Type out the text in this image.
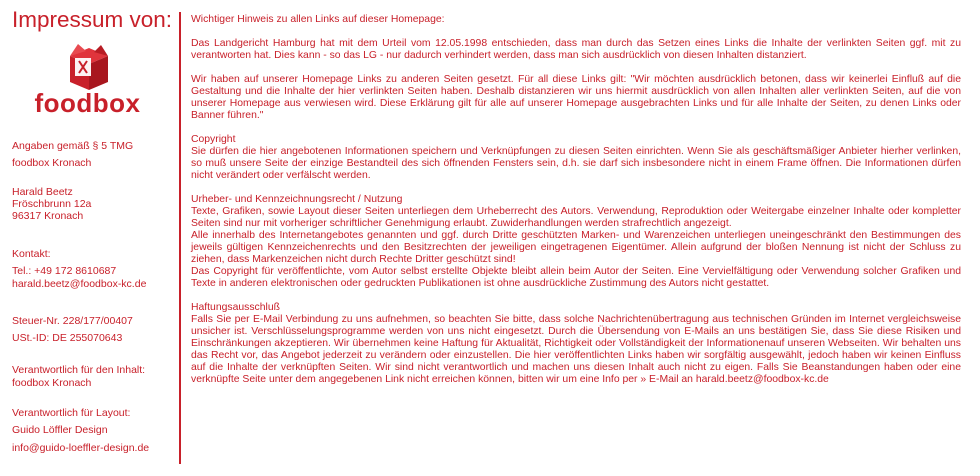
Impressum von:
foodbox
Angaben gemäß § 5 TMG
foodbox Kronach
Harald Beetz
Fröschbrunn 12a
96317 Kronach
Kontakt:
Tel.: +49 172 8610687
harald.beetz@foodbox-kc.de
Steuer-Nr. 228/177/00407
USt.-ID: DE 255070643
Verantwortlich für den Inhalt:
foodbox Kronach
Verantwortlich für Layout:
Guido Löffler Design
info@guido-loeffler-design.de

Wichtiger Hinweis zu allen Links auf dieser Homepage:

Das Landgericht Hamburg hat mit dem Urteil vom 12.05.1998 entschieden, dass man durch das Setzen eines Links die Inhalte der verlinkten Seiten ggf. mit zu verantworten hat. Dies kann - so das LG - nur dadurch verhindert werden, dass man sich ausdrücklich von diesen Inhalten distanziert.

Wir haben auf unserer Homepage Links zu anderen Seiten gesetzt. Für all diese Links gilt: "Wir möchten ausdrücklich betonen, dass wir keinerlei Einfluß auf die Gestaltung und die Inhalte der hier verlinkten Seiten haben. Deshalb distanzieren wir uns hiermit ausdrücklich von allen Inhalten aller verlinkten Seiten, auf die von unserer Homepage aus verwiesen wird. Diese Erklärung gilt für alle auf unserer Homepage ausgebrachten Links und für alle Inhalte der Seiten, zu denen Links oder Banner führen."

Copyright

Sie dürfen die hier angebotenen Informationen speichern und Verknüpfungen zu diesen Seiten einrichten. Wenn Sie als geschäftsmäßiger Anbieter hierher verlinken, so muß unsere Seite der einzige Bestandteil des sich öffnenden Fensters sein, d.h. sie darf sich insbesondere nicht in einem Frame öffnen. Die Informationen dürfen nicht verändert oder verfälscht werden.

Urheber- und Kennzeichnungsrecht / Nutzung

Texte, Grafiken, sowie Layout dieser Seiten unterliegen dem Urheberrecht des Autors. Verwendung, Reproduktion oder Weitergabe einzelner Inhalte oder kompletter Seiten sind nur mit vorheriger schriftlicher Genehmigung erlaubt. Zuwiderhandlungen werden strafrechtlich angezeigt.

Alle innerhalb des Internetangebotes genannten und ggf. durch Dritte geschützten Marken- und Warenzeichen unterliegen uneingeschränkt den Bestimmungen des jeweils gültigen Kennzeichenrechts und den Besitzrechten der jeweiligen eingetragenen Eigentümer. Allein aufgrund der bloßen Nennung ist nicht der Schluss zu ziehen, dass Markenzeichen nicht durch Rechte Dritter geschützt sind!

Das Copyright für veröffentlichte, vom Autor selbst erstellte Objekte bleibt allein beim Autor der Seiten. Eine Vervielfältigung oder Verwendung solcher Grafiken und Texte in anderen elektronischen oder gedruckten Publikationen ist ohne ausdrückliche Zustimmung des Autors nicht gestattet.

Haftungsausschluß

Falls Sie per E-Mail Verbindung zu uns aufnehmen, so beachten Sie bitte, dass solche Nachrichtenübertragung aus technischen Gründen im Internet vergleichsweise unsicher ist. Verschlüsselungsprogramme werden von uns nicht eingesetzt. Durch die Übersendung von E-Mails an uns bestätigen Sie, dass Sie diese Risiken und Einschränkungen akzeptieren. Wir übernehmen keine Haftung für Aktualität, Richtigkeit oder Vollständigkeit der Informationenauf unseren Webseiten. Wir behalten uns das Recht vor, das Angebot jederzeit zu verändern oder einzustellen. Die hier veröffentlichten Links haben wir sorgfältig ausgewählt, jedoch haben wir keinen Einfluss auf die Inhalte der verknüpften Seiten. Wir sind nicht verantwortlich und machen uns diesen Inhalt auch nicht zu eigen. Falls Sie Beanstandungen haben oder eine verknüpfte Seite unter dem angegebenen Link nicht erreichen können, bitten wir um eine Info per » E-Mail an harald.beetz@foodbox-kc.de
